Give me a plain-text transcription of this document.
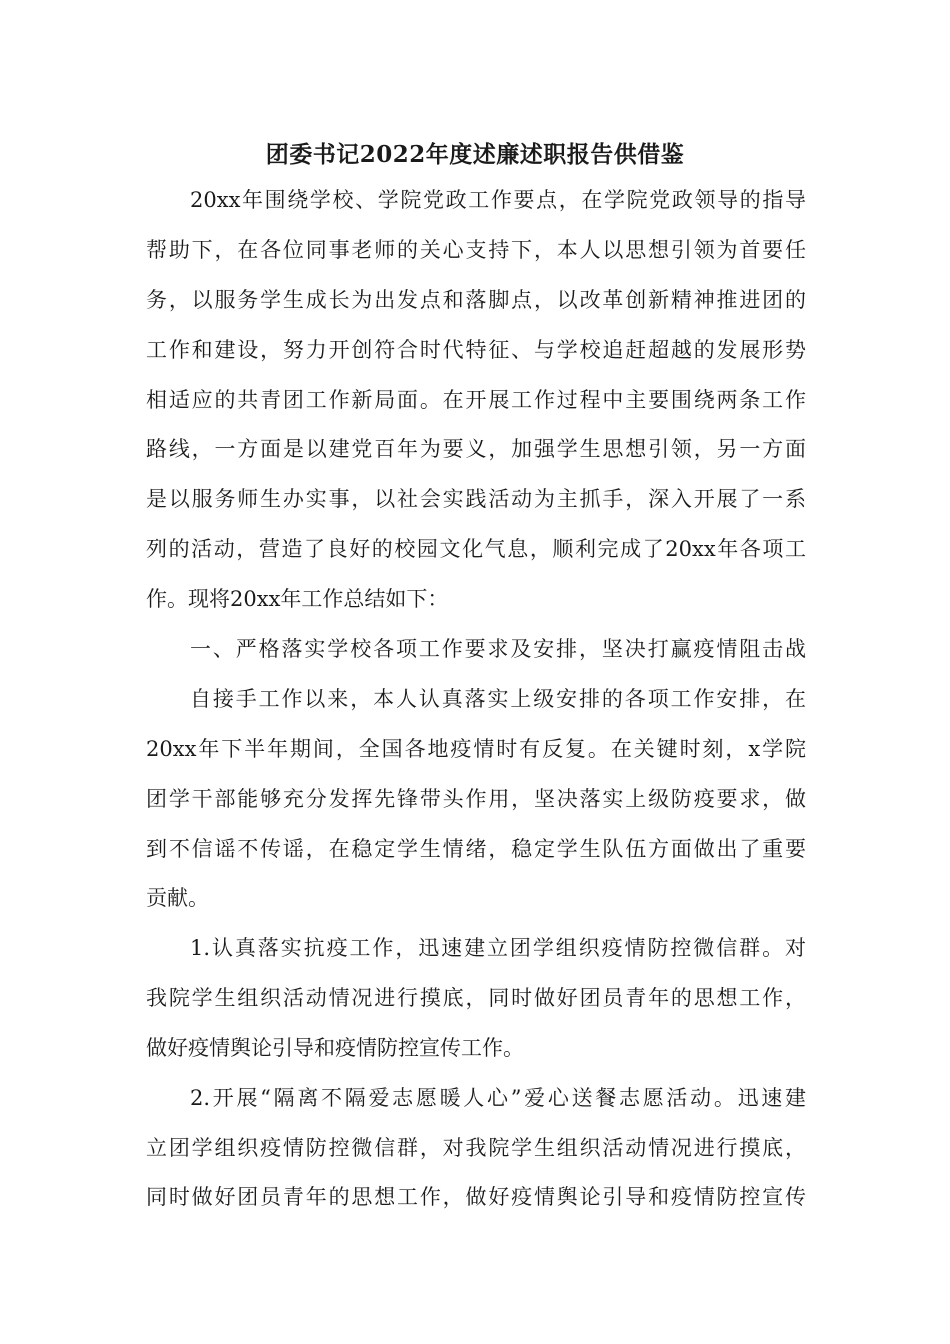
团委书记2022年度述廉述职报告供借鉴
20xx年围绕学校、学院党政工作要点，在学院党政领导的指导
帮助下，在各位同事老师的关心支持下，本人以思想引领为首要任
务，以服务学生成长为出发点和落脚点，以改革创新精神推进团的
工作和建设，努力开创符合时代特征、与学校追赶超越的发展形势
相适应的共青团工作新局面。在开展工作过程中主要围绕两条工作
路线，一方面是以建党百年为要义，加强学生思想引领，另一方面
是以服务师生办实事，以社会实践活动为主抓手，深入开展了一系
列的活动，营造了良好的校园文化气息，顺利完成了20xx年各项工
作。现将20xx年工作总结如下：
一、严格落实学校各项工作要求及安排，坚决打赢疫情阻击战
自接手工作以来，本人认真落实上级安排的各项工作安排，在
20xx年下半年期间，全国各地疫情时有反复。在关键时刻，x学院
团学干部能够充分发挥先锋带头作用，坚决落实上级防疫要求，做
到不信谣不传谣，在稳定学生情绪，稳定学生队伍方面做出了重要
贡献。
1.认真落实抗疫工作，迅速建立团学组织疫情防控微信群。对
我院学生组织活动情况进行摸底，同时做好团员青年的思想工作，
做好疫情舆论引导和疫情防控宣传工作。
2.开展“隔离不隔爱志愿暖人心”爱心送餐志愿活动。迅速建
立团学组织疫情防控微信群，对我院学生组织活动情况进行摸底，
同时做好团员青年的思想工作，做好疫情舆论引导和疫情防控宣传
